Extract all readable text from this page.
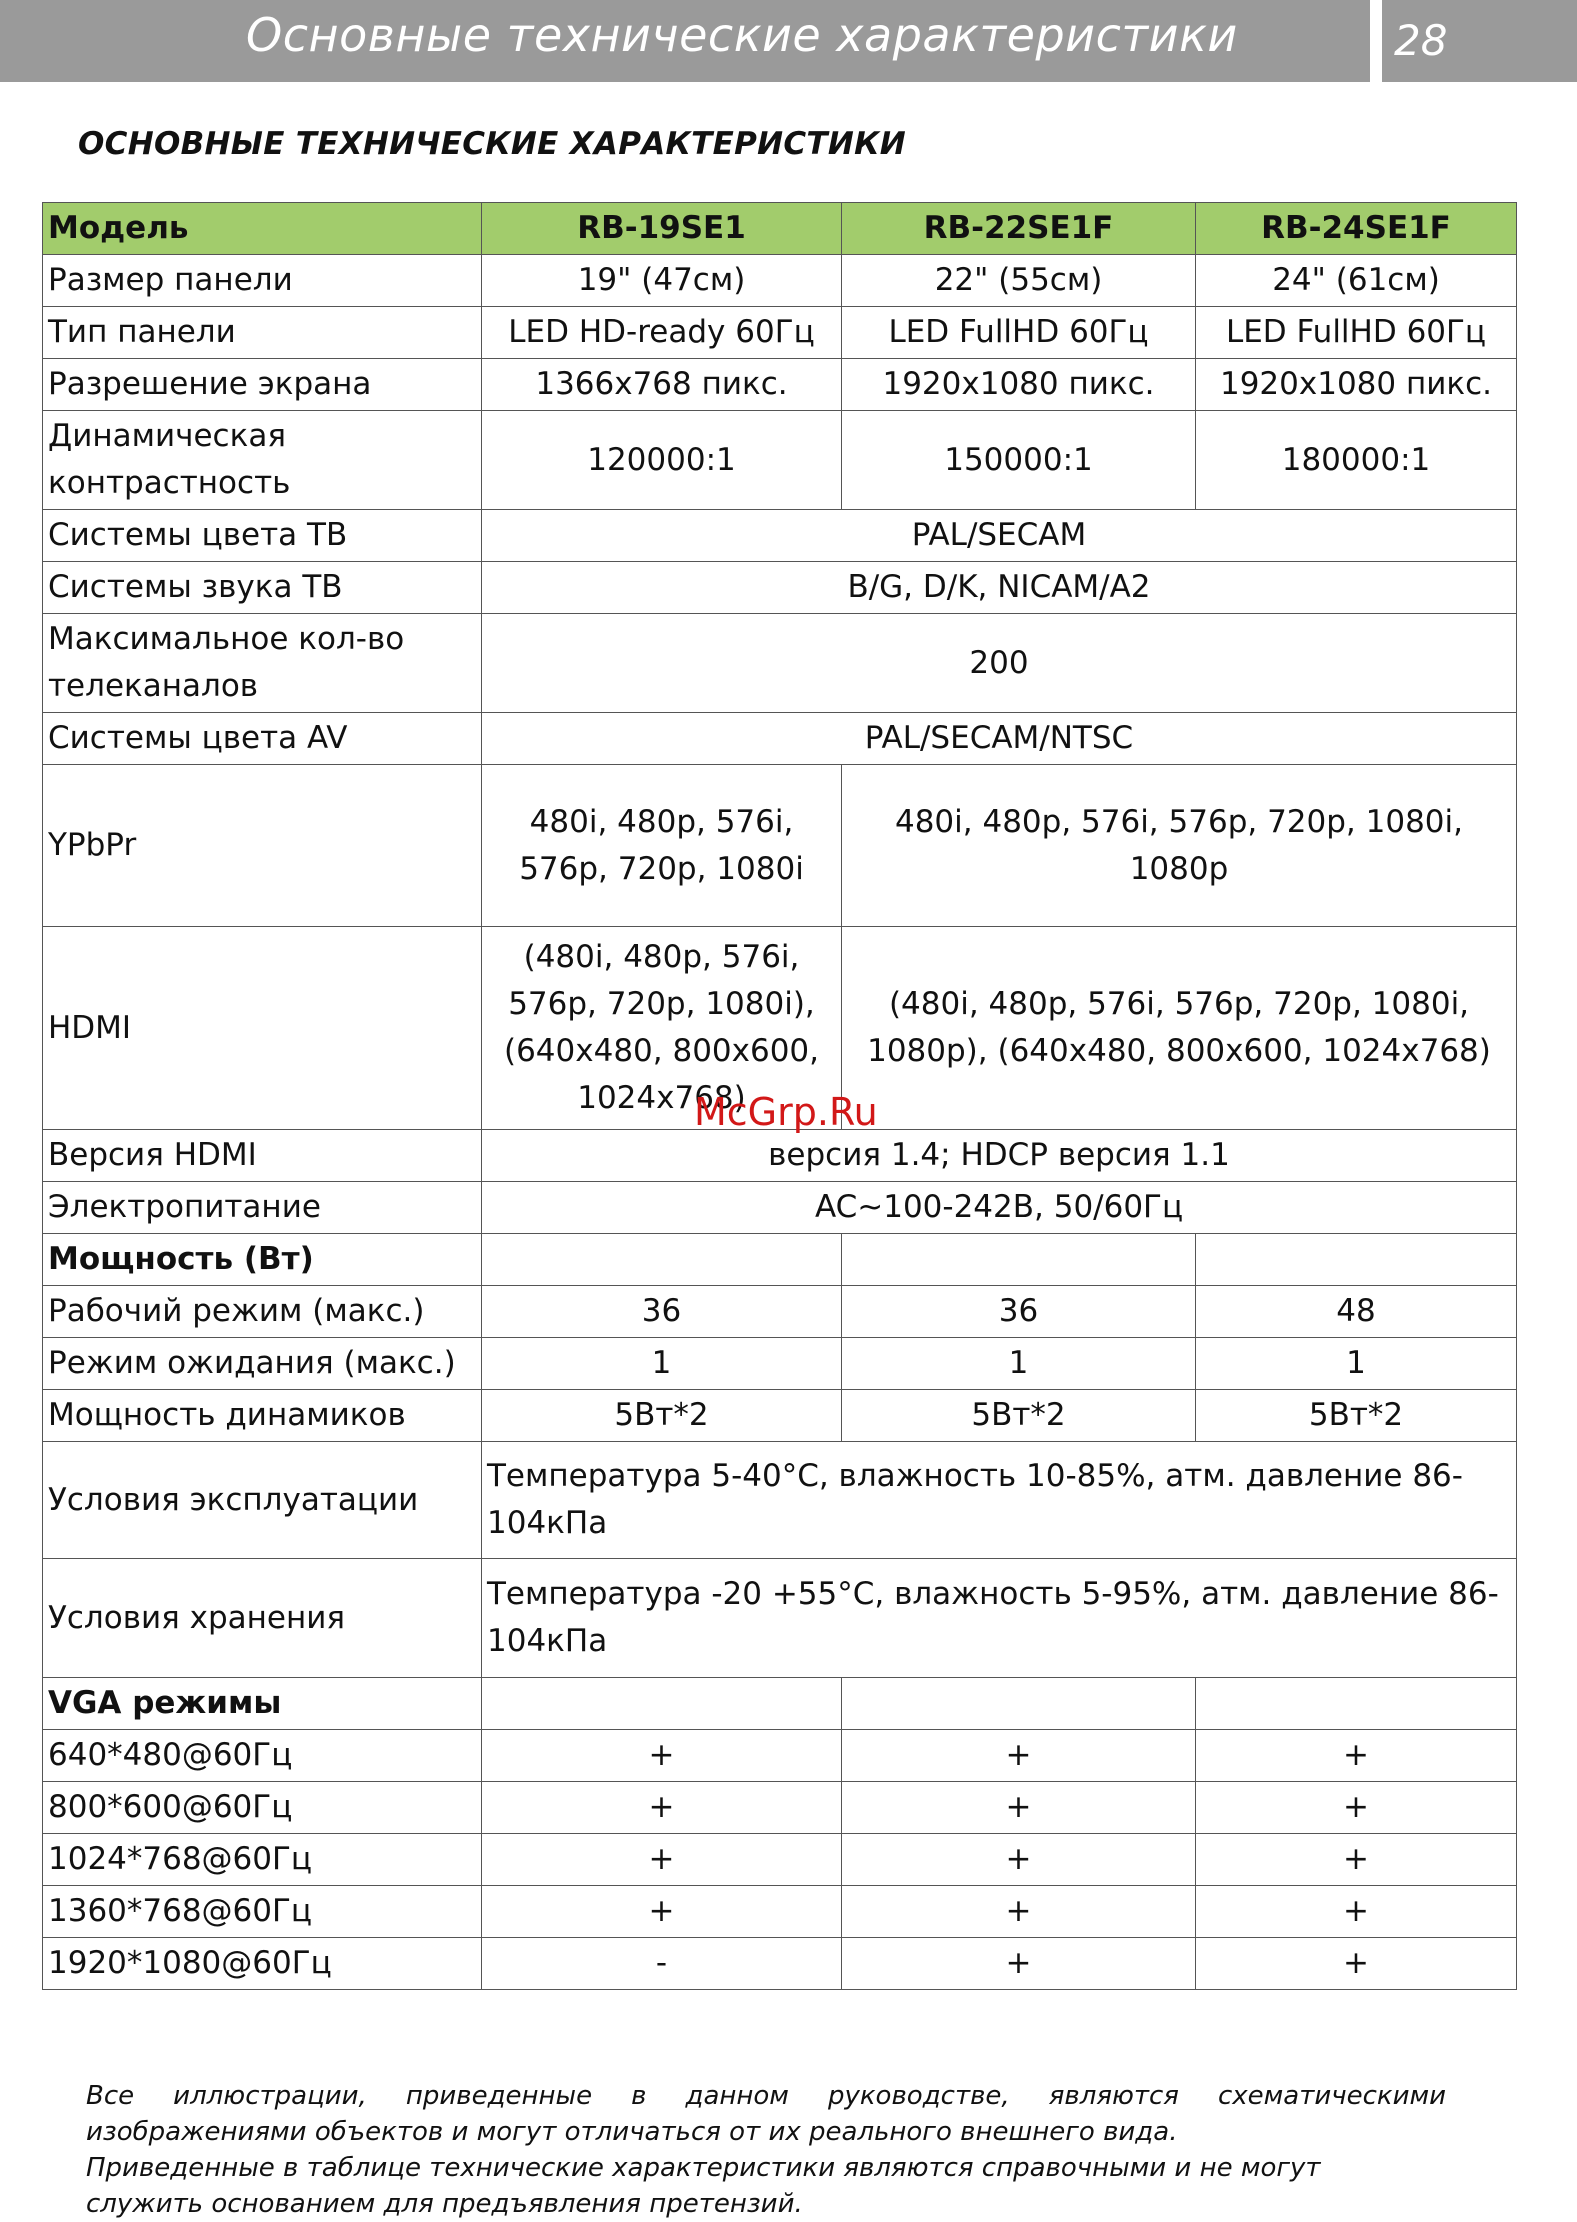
Основные технические характеристики	28
ОСНОВНЫЕ ТЕХНИЧЕСКИЕ ХАРАКТЕРИСТИКИ
Модель	RB-19SE1	RB-22SE1F	RB-24SE1F
Размер панели	19" (47см)	22" (55см)	24" (61см)
Тип панели	LED HD-ready 60Гц	LED FullHD 60Гц	LED FullHD 60Гц
Разрешение экрана	1366x768 пикс.	1920x1080 пикс.	1920x1080 пикс.
Динамическая контрастность	120000:1	150000:1	180000:1
Системы цвета ТВ	PAL/SECAM		
Системы звука ТВ	B/G, D/K, NICAM/A2		
Максимальное кол-во телеканалов	200		
Системы цвета AV	PAL/SECAM/NTSC		
YPbPr	480i, 480p, 576i, 576p, 720p, 1080i	480i, 480p, 576i, 576p, 720p, 1080i, 1080p	
HDMI	(480i, 480p, 576i, 576p, 720p, 1080i), (640x480, 800x600, 1024x768)	(480i, 480p, 576i, 576p, 720p, 1080i, 1080p), (640x480, 800x600, 1024x768)	
Версия HDMI	версия 1.4; HDCP версия 1.1		
Электропитание	AC~100-242В, 50/60Гц		
Мощность (Вт)			
Рабочий режим (макс.)	36	36	48
Режим ожидания (макс.)	1	1	1
Мощность динамиков	5Вт*2	5Вт*2	5Вт*2
Условия эксплуатации	Температура 5-40°С, влажность 10-85%, атм. давление 86-104кПа		
Условия хранения	Температура -20 +55°С, влажность 5-95%, атм. давление 86-104кПа		
VGA режимы			
640*480@60Гц	+	+	+
800*600@60Гц	+	+	+
1024*768@60Гц	+	+	+
1360*768@60Гц	+	+	+
1920*1080@60Гц	-	+	+
McGrp.Ru

Все иллюстрации, приведенные в данном руководстве, являются схематическими

изображениями объектов и могут отличаться от их реального внешнего вида.

Приведенные в таблице технические характеристики являются справочными и не могут

служить основанием для предъявления претензий.
